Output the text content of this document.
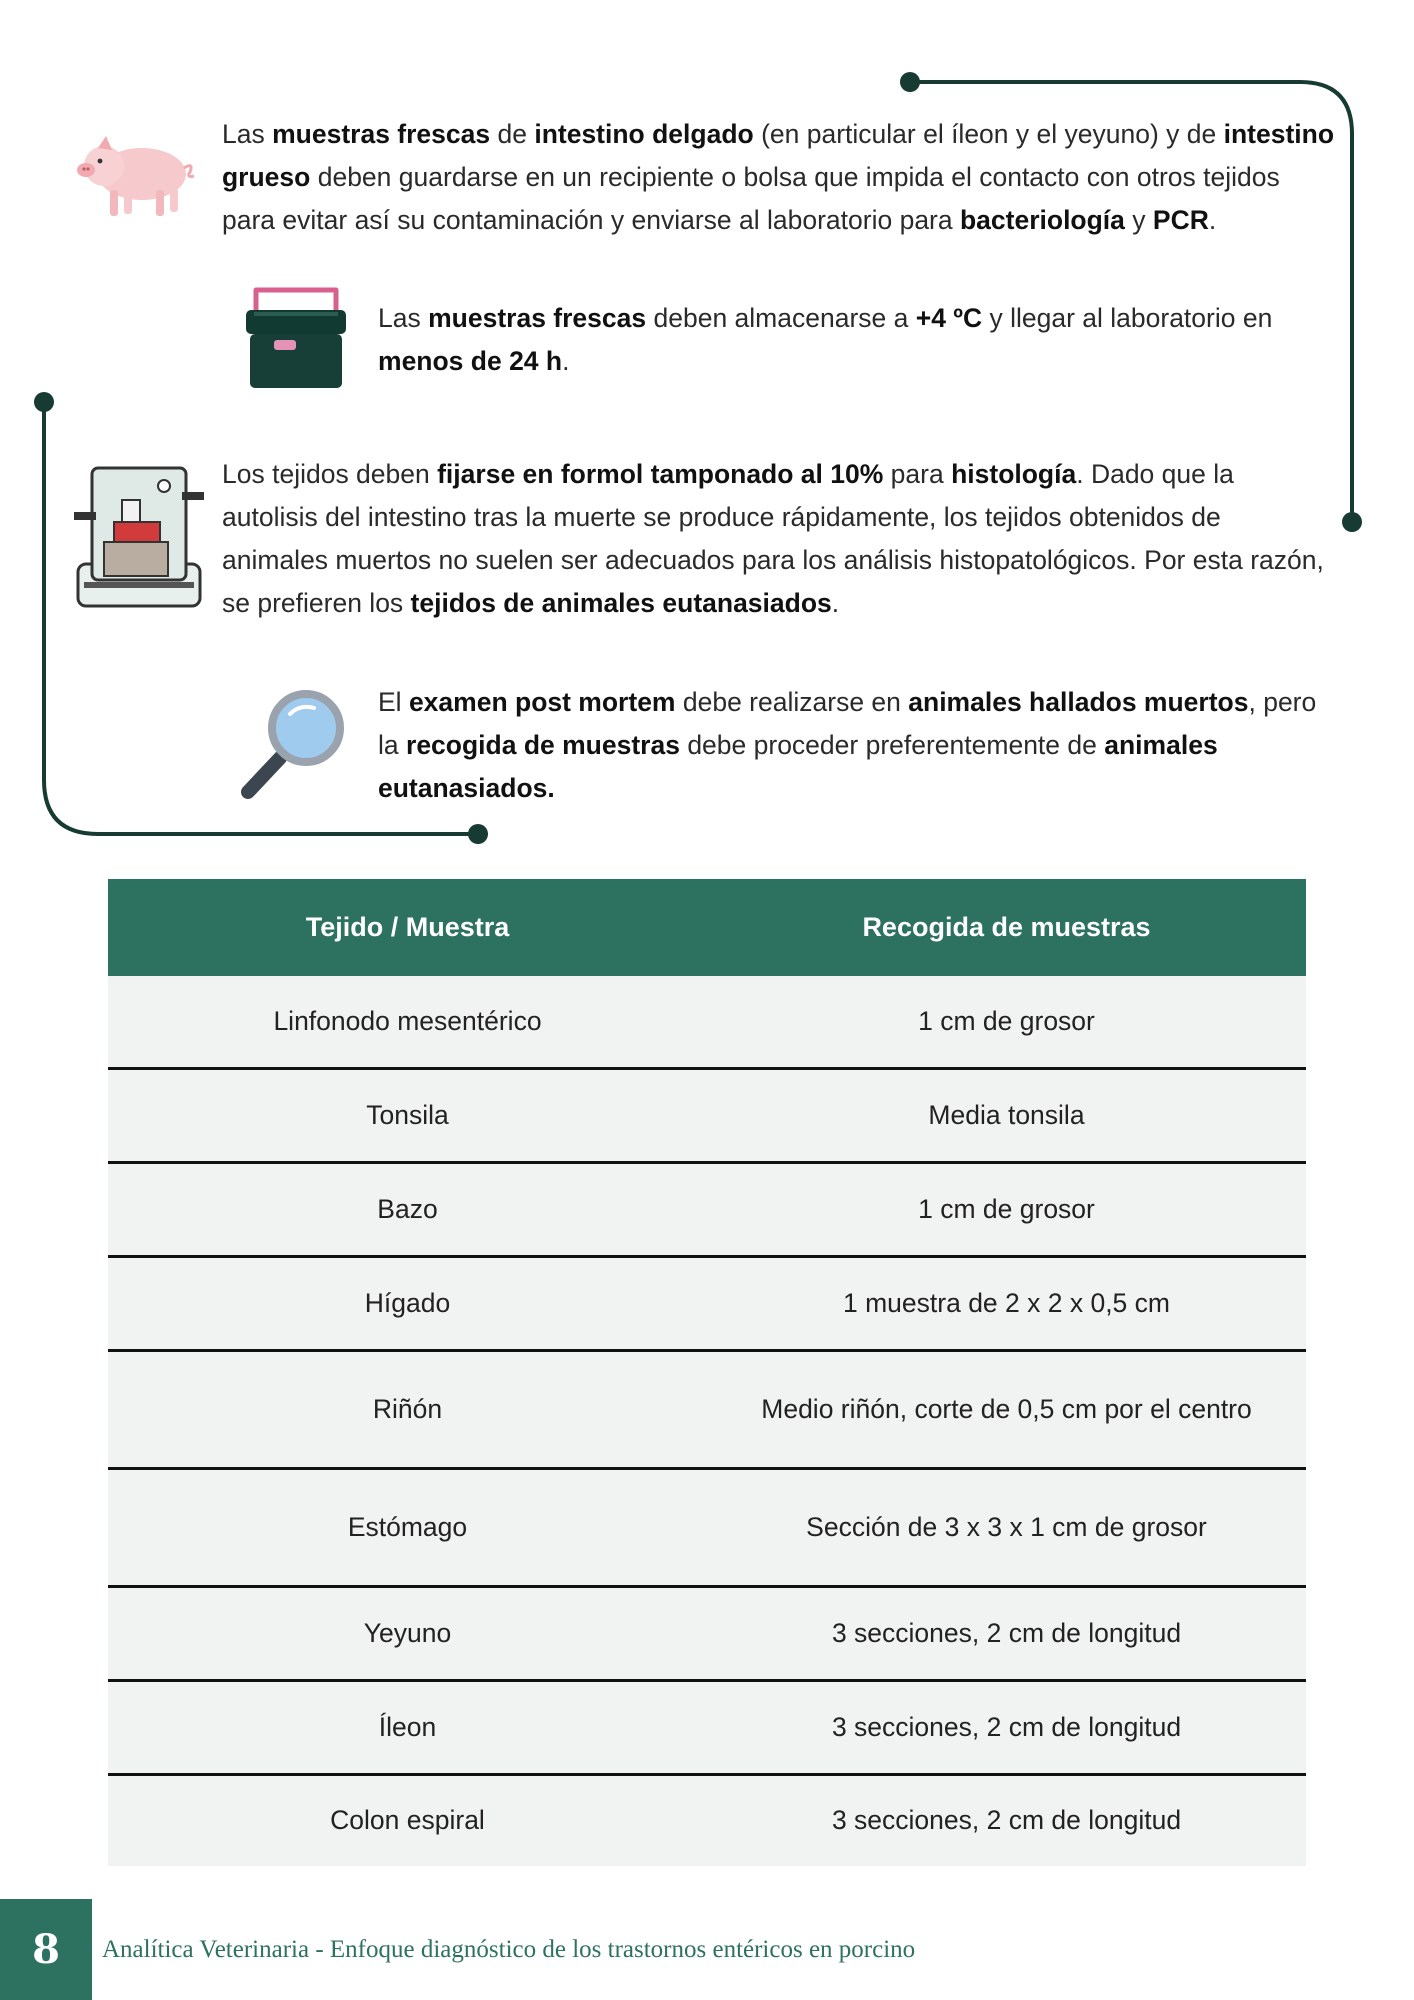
Las muestras frescas de intestino delgado (en particular el íleon y el yeyuno) y de intestino grueso deben guardarse en un recipiente o bolsa que impida el contacto con otros tejidos para evitar así su contaminación y enviarse al laboratorio para bacteriología y PCR.
Las muestras frescas deben almacenarse a +4 ºC y llegar al laboratorio en menos de 24 h.
Los tejidos deben fijarse en formol tamponado al 10% para histología. Dado que la autolisis del intestino tras la muerte se produce rápidamente, los tejidos obtenidos de animales muertos no suelen ser adecuados para los análisis histopatológicos. Por esta razón, se prefieren los tejidos de animales eutanasiados.
El examen post mortem debe realizarse en animales hallados muertos, pero la recogida de muestras debe proceder preferentemente de animales eutanasiados.
Tejido / Muestra	Recogida de muestras
Linfonodo mesentérico	1 cm de grosor
Tonsila	Media tonsila
Bazo	1 cm de grosor
Hígado	1 muestra de 2 x 2 x 0,5 cm
Riñón	Medio riñón, corte de 0,5 cm por el centro
Estómago	Sección de 3 x 3 x 1 cm de grosor
Yeyuno	3 secciones, 2 cm de longitud
Íleon	3 secciones, 2 cm de longitud
Colon espiral	3 secciones, 2 cm de longitud
8	Analítica Veterinaria - Enfoque diagnóstico de los trastornos entéricos en porcino
